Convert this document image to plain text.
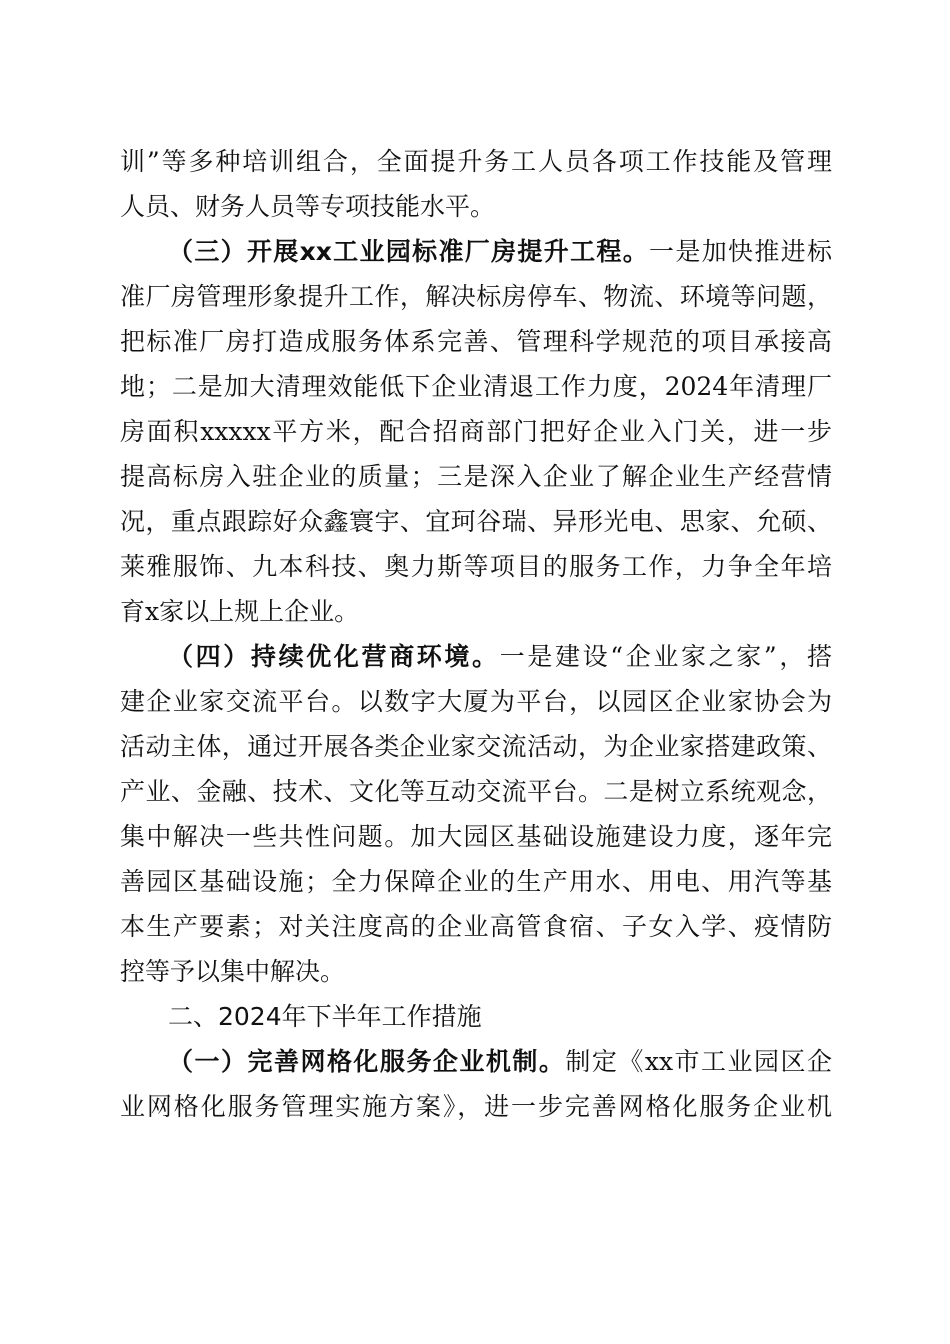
训”等多种培训组合，全面提升务工人员各项工作技能及管理
人员、财务人员等专项技能水平。
（三）开展xx工业园标准厂房提升工程。一是加快推进标
准厂房管理形象提升工作，解决标房停车、物流、环境等问题，
把标准厂房打造成服务体系完善、管理科学规范的项目承接高
地；二是加大清理效能低下企业清退工作力度，2024年清理厂
房面积xxxxx平方米，配合招商部门把好企业入门关，进一步
提高标房入驻企业的质量；三是深入企业了解企业生产经营情
况，重点跟踪好众鑫寰宇、宜珂谷瑞、异形光电、思家、允硕、
莱雅服饰、九本科技、奥力斯等项目的服务工作，力争全年培
育x家以上规上企业。
（四）持续优化营商环境。一是建设“企业家之家”，搭
建企业家交流平台。以数字大厦为平台，以园区企业家协会为
活动主体，通过开展各类企业家交流活动，为企业家搭建政策、
产业、金融、技术、文化等互动交流平台。二是树立系统观念，
集中解决一些共性问题。加大园区基础设施建设力度，逐年完
善园区基础设施；全力保障企业的生产用水、用电、用汽等基
本生产要素；对关注度高的企业高管食宿、子女入学、疫情防
控等予以集中解决。
二、2024年下半年工作措施
（一）完善网格化服务企业机制。制定《xx市工业园区企
业网格化服务管理实施方案》，进一步完善网格化服务企业机
